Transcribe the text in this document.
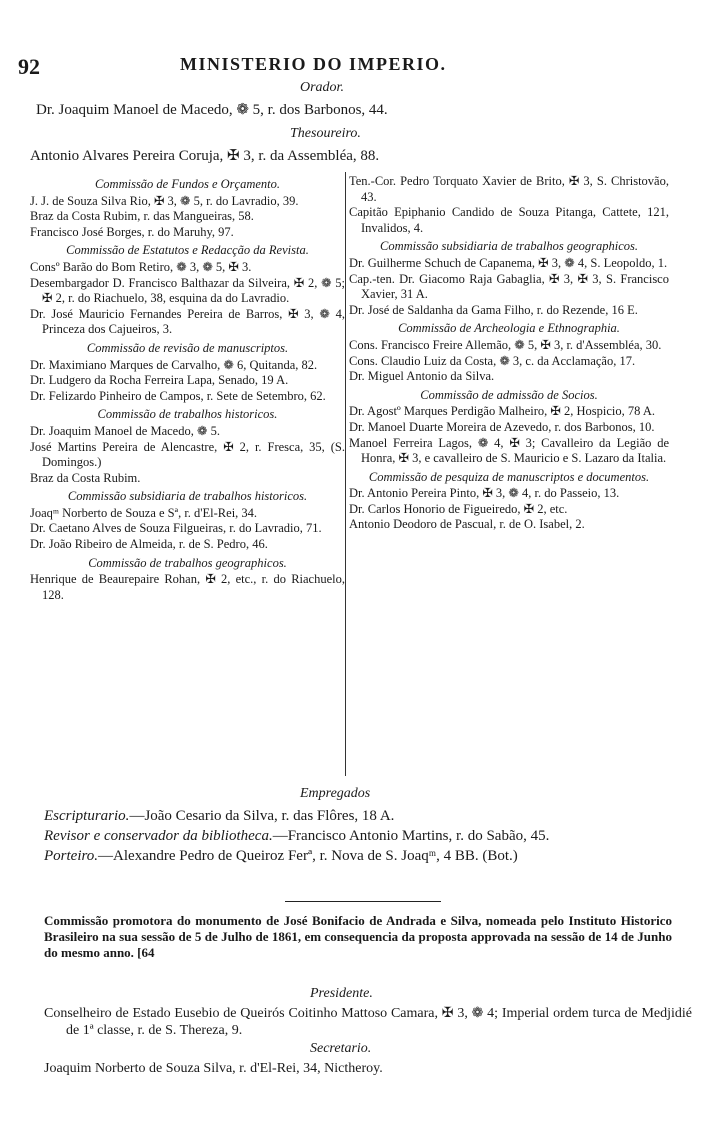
92	MINISTERIO DO IMPERIO.
Orador.
Dr. Joaquim Manoel de Macedo, ❁ 5, r. dos Barbonos, 44.
Thesoureiro.
Antonio Alvares Pereira Coruja, ✠ 3, r. da Assembléa, 88.

Commissão de Fundos e Orçamento.

J. J. de Souza Silva Rio, ✠ 3, ❁ 5, r. do Lavradio, 39.

Braz da Costa Rubim, r. das Mangueiras, 58.

Francisco José Borges, r. do Maruhy, 97.

Commissão de Estatutos e Redacção da Revista.

Consº Barão do Bom Retiro, ❁ 3, ❁ 5, ✠ 3.

Desembargador D. Francisco Balthazar da Silveira, ✠ 2, ❁ 5; ✠ 2, r. do Riachuelo, 38, esquina da do Lavradio.

Dr. José Mauricio Fernandes Pereira de Barros, ✠ 3, ❁ 4, Princeza dos Cajueiros, 3.

Commissão de revisão de manuscriptos.

Dr. Maximiano Marques de Carvalho, ❁ 6, Quitanda, 82.

Dr. Ludgero da Rocha Ferreira Lapa, Senado, 19 A.

Dr. Felizardo Pinheiro de Campos, r. Sete de Setembro, 62.

Commissão de trabalhos historicos.

Dr. Joaquim Manoel de Macedo, ❁ 5.

José Martins Pereira de Alencastre, ✠ 2, r. Fresca, 35, (S. Domingos.)

Braz da Costa Rubim.

Commissão subsidiaria de trabalhos historicos.

Joaqᵐ Norberto de Souza e Sª, r. d'El-Rei, 34.

Dr. Caetano Alves de Souza Filgueiras, r. do Lavradio, 71.

Dr. João Ribeiro de Almeida, r. de S. Pedro, 46.

Commissão de trabalhos geographicos.

Henrique de Beaurepaire Rohan, ✠ 2, etc., r. do Riachuelo, 128.

Ten.-Cor. Pedro Torquato Xavier de Brito, ✠ 3, S. Christovão, 43.

Capitão Epiphanio Candido de Souza Pitanga, Cattete, 121, Invalidos, 4.

Commissão subsidiaria de trabalhos geographicos.

Dr. Guilherme Schuch de Capanema, ✠ 3, ❁ 4, S. Leopoldo, 1.

Cap.-ten. Dr. Giacomo Raja Gabaglia, ✠ 3, ✠ 3, S. Francisco Xavier, 31 A.

Dr. José de Saldanha da Gama Filho, r. do Rezende, 16 E.

Commissão de Archeologia e Ethnographia.

Cons. Francisco Freire Allemão, ❁ 5, ✠ 3, r. d'Assembléa, 30.

Cons. Claudio Luiz da Costa, ❁ 3, c. da Acclamação, 17.

Dr. Miguel Antonio da Silva.

Commissão de admissão de Socios.

Dr. Agostº Marques Perdigão Malheiro, ✠ 2, Hospicio, 78 A.

Dr. Manoel Duarte Moreira de Azevedo, r. dos Barbonos, 10.

Manoel Ferreira Lagos, ❁ 4, ✠ 3; Cavalleiro da Legião de Honra, ✠ 3, e cavalleiro de S. Mauricio e S. Lazaro da Italia.

Commissão de pesquiza de manuscriptos e documentos.

Dr. Antonio Pereira Pinto, ✠ 3, ❁ 4, r. do Passeio, 13.

Dr. Carlos Honorio de Figueiredo, ✠ 2, etc.

Antonio Deodoro de Pascual, r. de O. Isabel, 2.

Empregados
Escripturario.—João Cesario da Silva, r. das Flôres, 18 A.
Revisor e conservador da bibliotheca.—Francisco Antonio Martins, r. do Sabão, 45.
Porteiro.—Alexandre Pedro de Queiroz Ferª, r. Nova de S. Joaqᵐ, 4 BB. (Bot.)
Commissão promotora do monumento de José Bonifacio de Andrada e Silva, nomeada pelo Instituto Historico Brasileiro na sua sessão de 5 de Julho de 1861, em consequencia da proposta approvada na sessão de 14 de Junho do mesmo anno. [64
Presidente.
Conselheiro de Estado Eusebio de Queirós Coitinho Mattoso Camara, ✠ 3, ❁ 4; Imperial ordem turca de Medjidié de 1ª classe, r. de S. Thereza, 9.
Secretario.
Joaquim Norberto de Souza Silva, r. d'El-Rei, 34, Nictheroy.
